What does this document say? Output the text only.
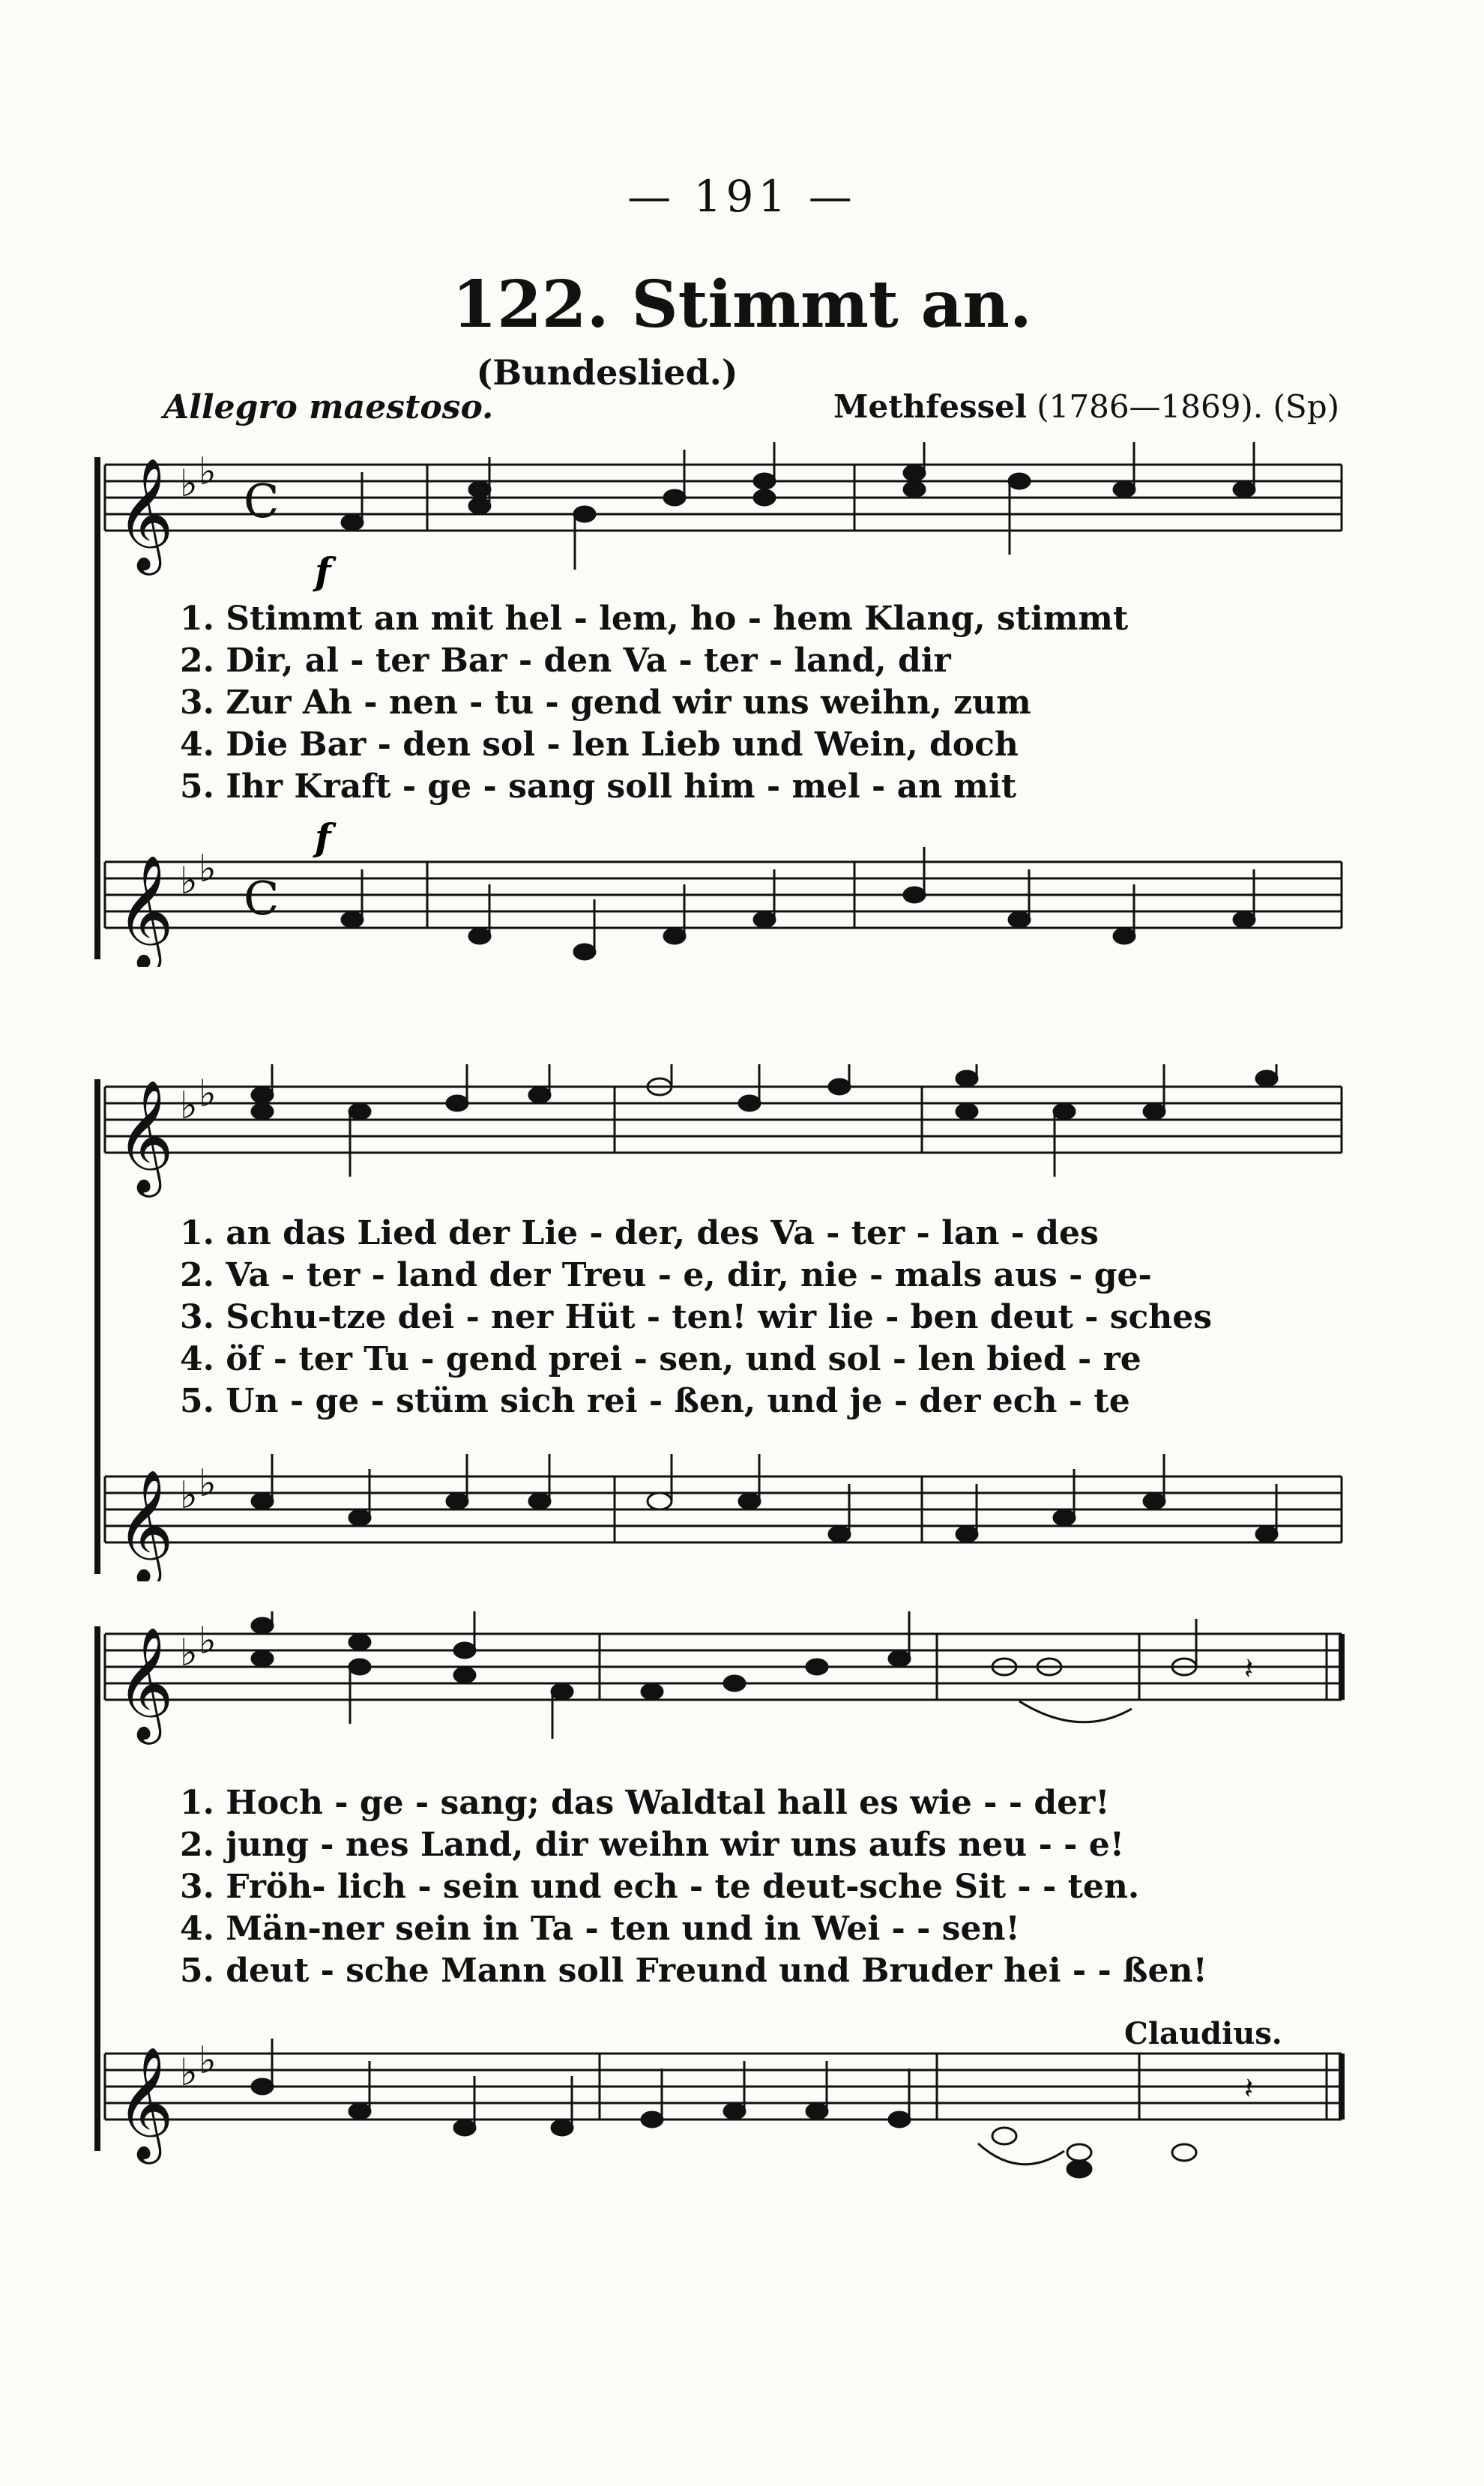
— 191 —
122. Stimmt an.
(Bundeslied.)
Allegro maestoso.	Methfessel (1786—1869). (Sp)
𝄞
𝄞
♭ ♭
♭ ♭
C
C
f
f
1. Stimmt an mit hel - lem, ho - hem Klang, stimmt
2. Dir, al - ter Bar - den Va - ter - land, dir
3. Zur Ah - nen - tu - gend wir uns weihn, zum
4. Die Bar - den sol - len Lieb und Wein, doch
5. Ihr Kraft - ge - sang soll him - mel - an mit
𝄞
𝄞
♭ ♭
♭ ♭
1. an das Lied der Lie - der, des Va - ter - lan - des
2. Va - ter - land der Treu - e, dir, nie - mals aus - ge-
3. Schu-tze dei - ner Hüt - ten! wir lie - ben deut - sches
4. öf - ter Tu - gend prei - sen, und sol - len bied - re
5. Un - ge - stüm sich rei - ßen, und je - der ech - te
𝄞
𝄞
♭ ♭
♭ ♭
𝄽
𝄽
1. Hoch - ge - sang; das Waldtal hall es wie - - der!
2. jung - nes Land, dir weihn wir uns aufs neu - - e!
3. Fröh- lich - sein und ech - te deut-sche Sit - - ten.
4. Män-ner sein in Ta - ten und in Wei - - sen!
5. deut - sche Mann soll Freund und Bruder hei - - ßen!
Claudius.
